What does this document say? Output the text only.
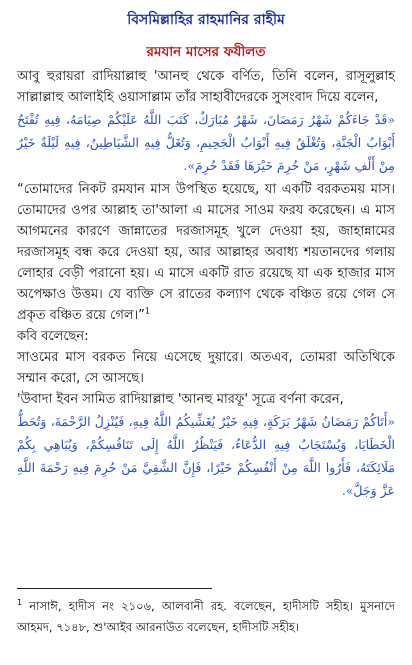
বিসমিল্লাহির রাহমানির রাহীম
রমযান মাসের ফযীলত

আবু হুরায়রা রাদিয়াল্লাহু 'আনহু থেকে বর্ণিত, তিনি বলেন, রাসূলুল্লাহ সাল্লাল্লাহু আলাইহি ওয়াসাল্লাম তাঁর সাহাবীদেরকে সুসংবাদ দিয়ে বলেন,

«قَدْ جَاءَكُمْ شَهْرُ رَمَضَانَ، شَهْرٌ مُبَارَكٌ، كَتَبَ اللَّهُ عَلَيْكُمْ صِيَامَهُ، فِيهِ تُفْتَحُ أَبْوَابُ الْجَنَّةِ، وَتُغْلَقُ فِيهِ أَبْوَابُ الْجَحِيمِ، وَتُغَلُّ فِيهِ الشَّيَاطِينُ، فِيهِ لَيْلَةٌ خَيْرٌ مِنْ أَلْفِ شَهْرٍ، مَنْ حُرِمَ خَيْرَهَا فَقَدْ حُرِمَ».

“তোমাদের নিকট রমযান মাস উপস্থিত হয়েছে, যা একটি বরকতময় মাস। তোমাদের ওপর আল্লাহ তা'আলা এ মাসের সাওম ফরয করেছেন। এ মাস আগমনের কারণে জান্নাতের দরজাসমূহ খুলে দেওয়া হয়, জাহান্নামের দরজাসমূহ বন্ধ করে দেওয়া হয়, আর আল্লাহর অবাধ্য শয়তানদের গলায় লোহার বেড়ী পরানো হয়। এ মাসে একটি রাত রয়েছে যা এক হাজার মাস অপেক্ষাও উত্তম। যে ব্যক্তি সে রাতের কল্যাণ থেকে বঞ্চিত রয়ে গেল সে প্রকৃত বঞ্চিত রয়ে গেল।”$^1$

কবি বলেছেন:

সাওমের মাস বরকত নিয়ে এসেছে দুয়ারে। অতএব, তোমরা অতিথিকে সম্মান করো, সে আসছে।

'উবাদা ইবন সামিত রাদিয়াল্লাহু 'আনহু মারফূ' সূত্রে বর্ণনা করেন,

«أَتَاكُمْ رَمَضَانُ شَهْرُ بَرَكَةٍ، فِيهِ خَيْرٌ يُغَشِّيكُمُ اللَّهُ فِيهِ، فَيُنْزِلُ الرَّحْمَةَ، وَتُحَطُّ الْخَطَايَا، وَيُسْتَجَابُ فِيهِ الدُّعَاءُ، فَيَنْظُرُ اللَّهُ إِلَى تَنَافُسِكُمْ، وَيُبَاهِي بِكُمْ مَلَائِكَتَهُ، فَأَرُوا اللَّهَ مِنْ أَنْفُسِكُمْ خَيْرًا، فَإِنَّ الشَّقِيَّ مَنْ حُرِمَ فِيهِ رَحْمَةَ اللَّهِ عَزَّ وَجَلَّ».

$^1$ নাসাঈ, হাদীস নং ২১০৬, আলবানী রহ. বলেছেন, হাদীসটি সহীহ। মুসনাদে আহমদ, ৭১৪৮, শু'আইব আরনাউত বলেছেন, হাদীসটি সহীহ।
